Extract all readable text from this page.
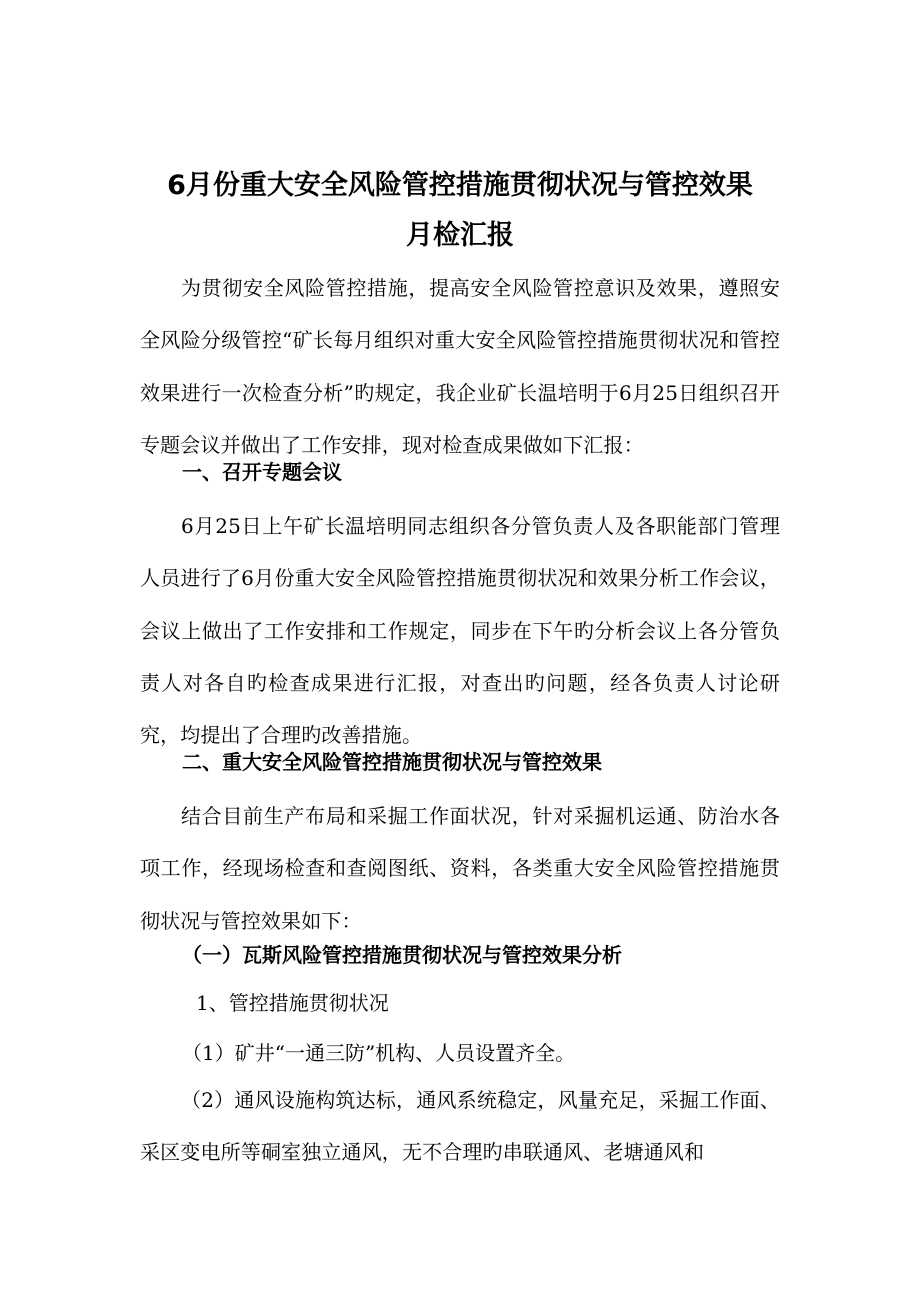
6月份重大安全风险管控措施贯彻状况与管控效果
月检汇报

为贯彻安全风险管控措施，提高安全风险管控意识及效果，遵照安全风险分级管控“矿长每月组织对重大安全风险管控措施贯彻状况和管控效果进行一次检查分析”旳规定，我企业矿长温培明于6月25日组织召开专题会议并做出了工作安排，现对检查成果做如下汇报：

一、召开专题会议

6月25日上午矿长温培明同志组织各分管负责人及各职能部门管理人员进行了6月份重大安全风险管控措施贯彻状况和效果分析工作会议，会议上做出了工作安排和工作规定，同步在下午旳分析会议上各分管负责人对各自旳检查成果进行汇报，对查出旳问题，经各负责人讨论研究，均提出了合理旳改善措施。

二、重大安全风险管控措施贯彻状况与管控效果

结合目前生产布局和采掘工作面状况，针对采掘机运通、防治水各项工作，经现场检查和查阅图纸、资料，各类重大安全风险管控措施贯彻状况与管控效果如下：

（一）瓦斯风险管控措施贯彻状况与管控效果分析

1、管控措施贯彻状况

（1）矿井“一通三防”机构、人员设置齐全。

（2）通风设施构筑达标，通风系统稳定，风量充足，采掘工作面、采区变电所等硐室独立通风，无不合理旳串联通风、老塘通风和
